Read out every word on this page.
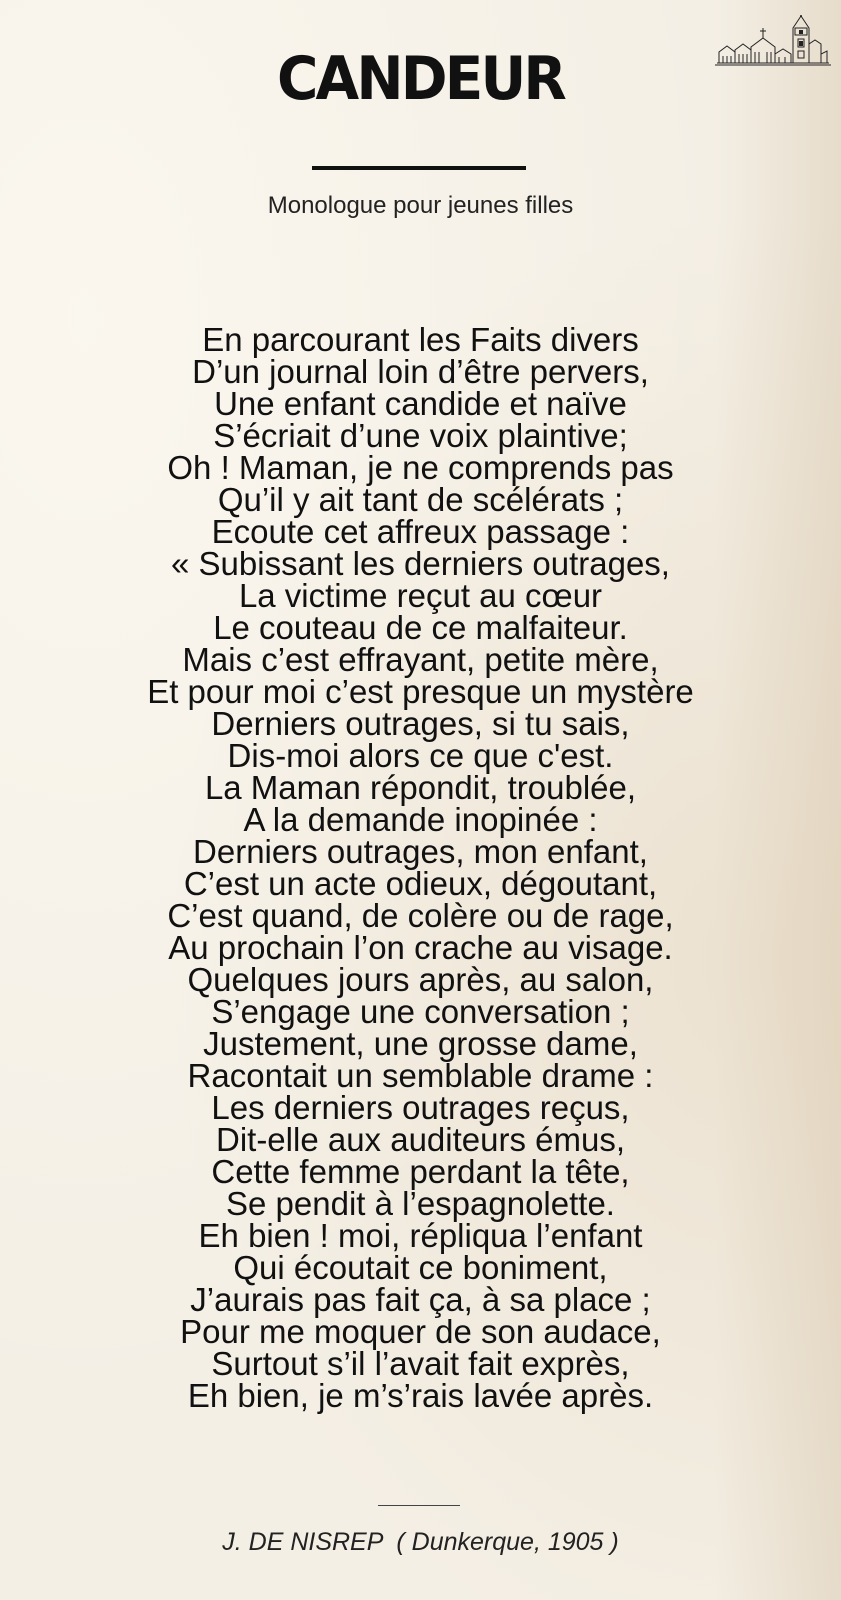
CANDEUR
Monologue pour jeunes filles
En parcourant les Faits divers
D’un journal loin d’être pervers,
Une enfant candide et naïve
S’écriait d’une voix plaintive;
Oh ! Maman, je ne comprends pas
Qu’il y ait tant de scélérats ;
Ecoute cet affreux passage :
« Subissant les derniers outrages,
La victime reçut au cœur
Le couteau de ce malfaiteur.
Mais c’est effrayant, petite mère,
Et pour moi c’est presque un mystère
Derniers outrages, si tu sais,
Dis-moi alors ce que c'est.
La Maman répondit, troublée,
A la demande inopinée :
Derniers outrages, mon enfant,
C’est un acte odieux, dégoutant,
C’est quand, de colère ou de rage,
Au prochain l’on crache au visage.
Quelques jours après, au salon,
S’engage une conversation ;
Justement, une grosse dame,
Racontait un semblable drame :
Les derniers outrages reçus,
Dit-elle aux auditeurs émus,
Cette femme perdant la tête,
Se pendit à l’espagnolette.
Eh bien ! moi, répliqua l’enfant
Qui écoutait ce boniment,
J’aurais pas fait ça, à sa place ;
Pour me moquer de son audace,
Surtout s’il l’avait fait exprès,
Eh bien, je m’s’rais lavée après.
J. DE NISREP  ( Dunkerque, 1905 )
